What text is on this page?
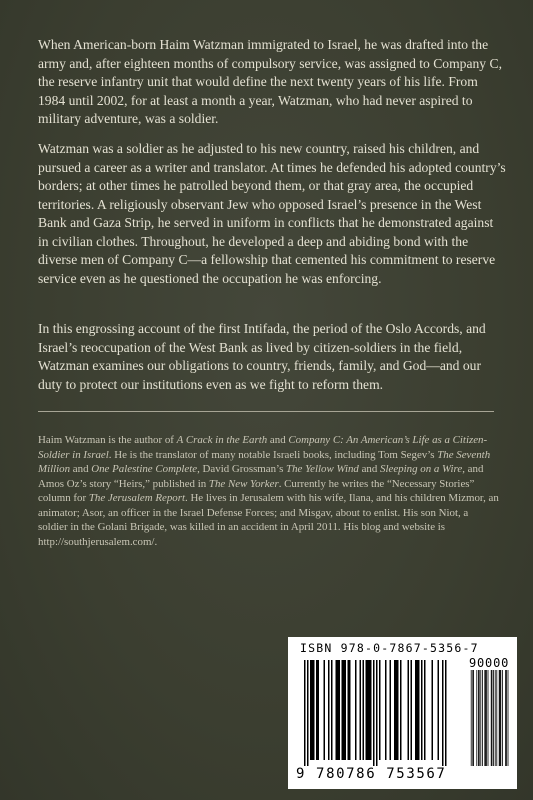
When American-born Haim Watzman immigrated to Israel, he was drafted into the army and, after eighteen months of compulsory service, was assigned to Company C, the reserve infantry unit that would define the next twenty years of his life. From 1984 until 2002, for at least a month a year, Watzman, who had never aspired to military adventure, was a soldier.

Watzman was a soldier as he adjusted to his new country, raised his children, and pursued a career as a writer and translator. At times he defended his adopted country’s borders; at other times he patrolled beyond them, or that gray area, the occupied territories. A religiously observant Jew who opposed Israel’s presence in the West Bank and Gaza Strip, he served in uniform in conflicts that he demonstrated against in civilian clothes. Throughout, he developed a deep and abiding bond with the diverse men of Company C—a fellowship that cemented his commitment to reserve service even as he questioned the occupation he was enforcing.

In this engrossing account of the first Intifada, the period of the Oslo Accords, and Israel’s reoccupation of the West Bank as lived by citizen-soldiers in the field, Watzman examines our obligations to country, friends, family, and God—and our duty to protect our institutions even as we fight to reform them.

Haim Watzman is the author of A Crack in the Earth and Company C: An American’s Life as a Citizen-Soldier in Israel. He is the translator of many notable Israeli books, including Tom Segev’s The Seventh Million and One Palestine Complete, David Grossman’s The Yellow Wind and Sleeping on a Wire, and Amos Oz’s story “Heirs,” published in The New Yorker. Currently he writes the “Necessary Stories” column for The Jerusalem Report. He lives in Jerusalem with his wife, Ilana, and his children Mizmor, an animator; Asor, an officer in the Israel Defense Forces; and Misgav, about to enlist. His son Niot, a soldier in the Golani Brigade, was killed in an accident in April 2011. His blog and website is http://southjerusalem.com/.
ISBN 978-0-7867-5356-7
90000
9 780786 753567
